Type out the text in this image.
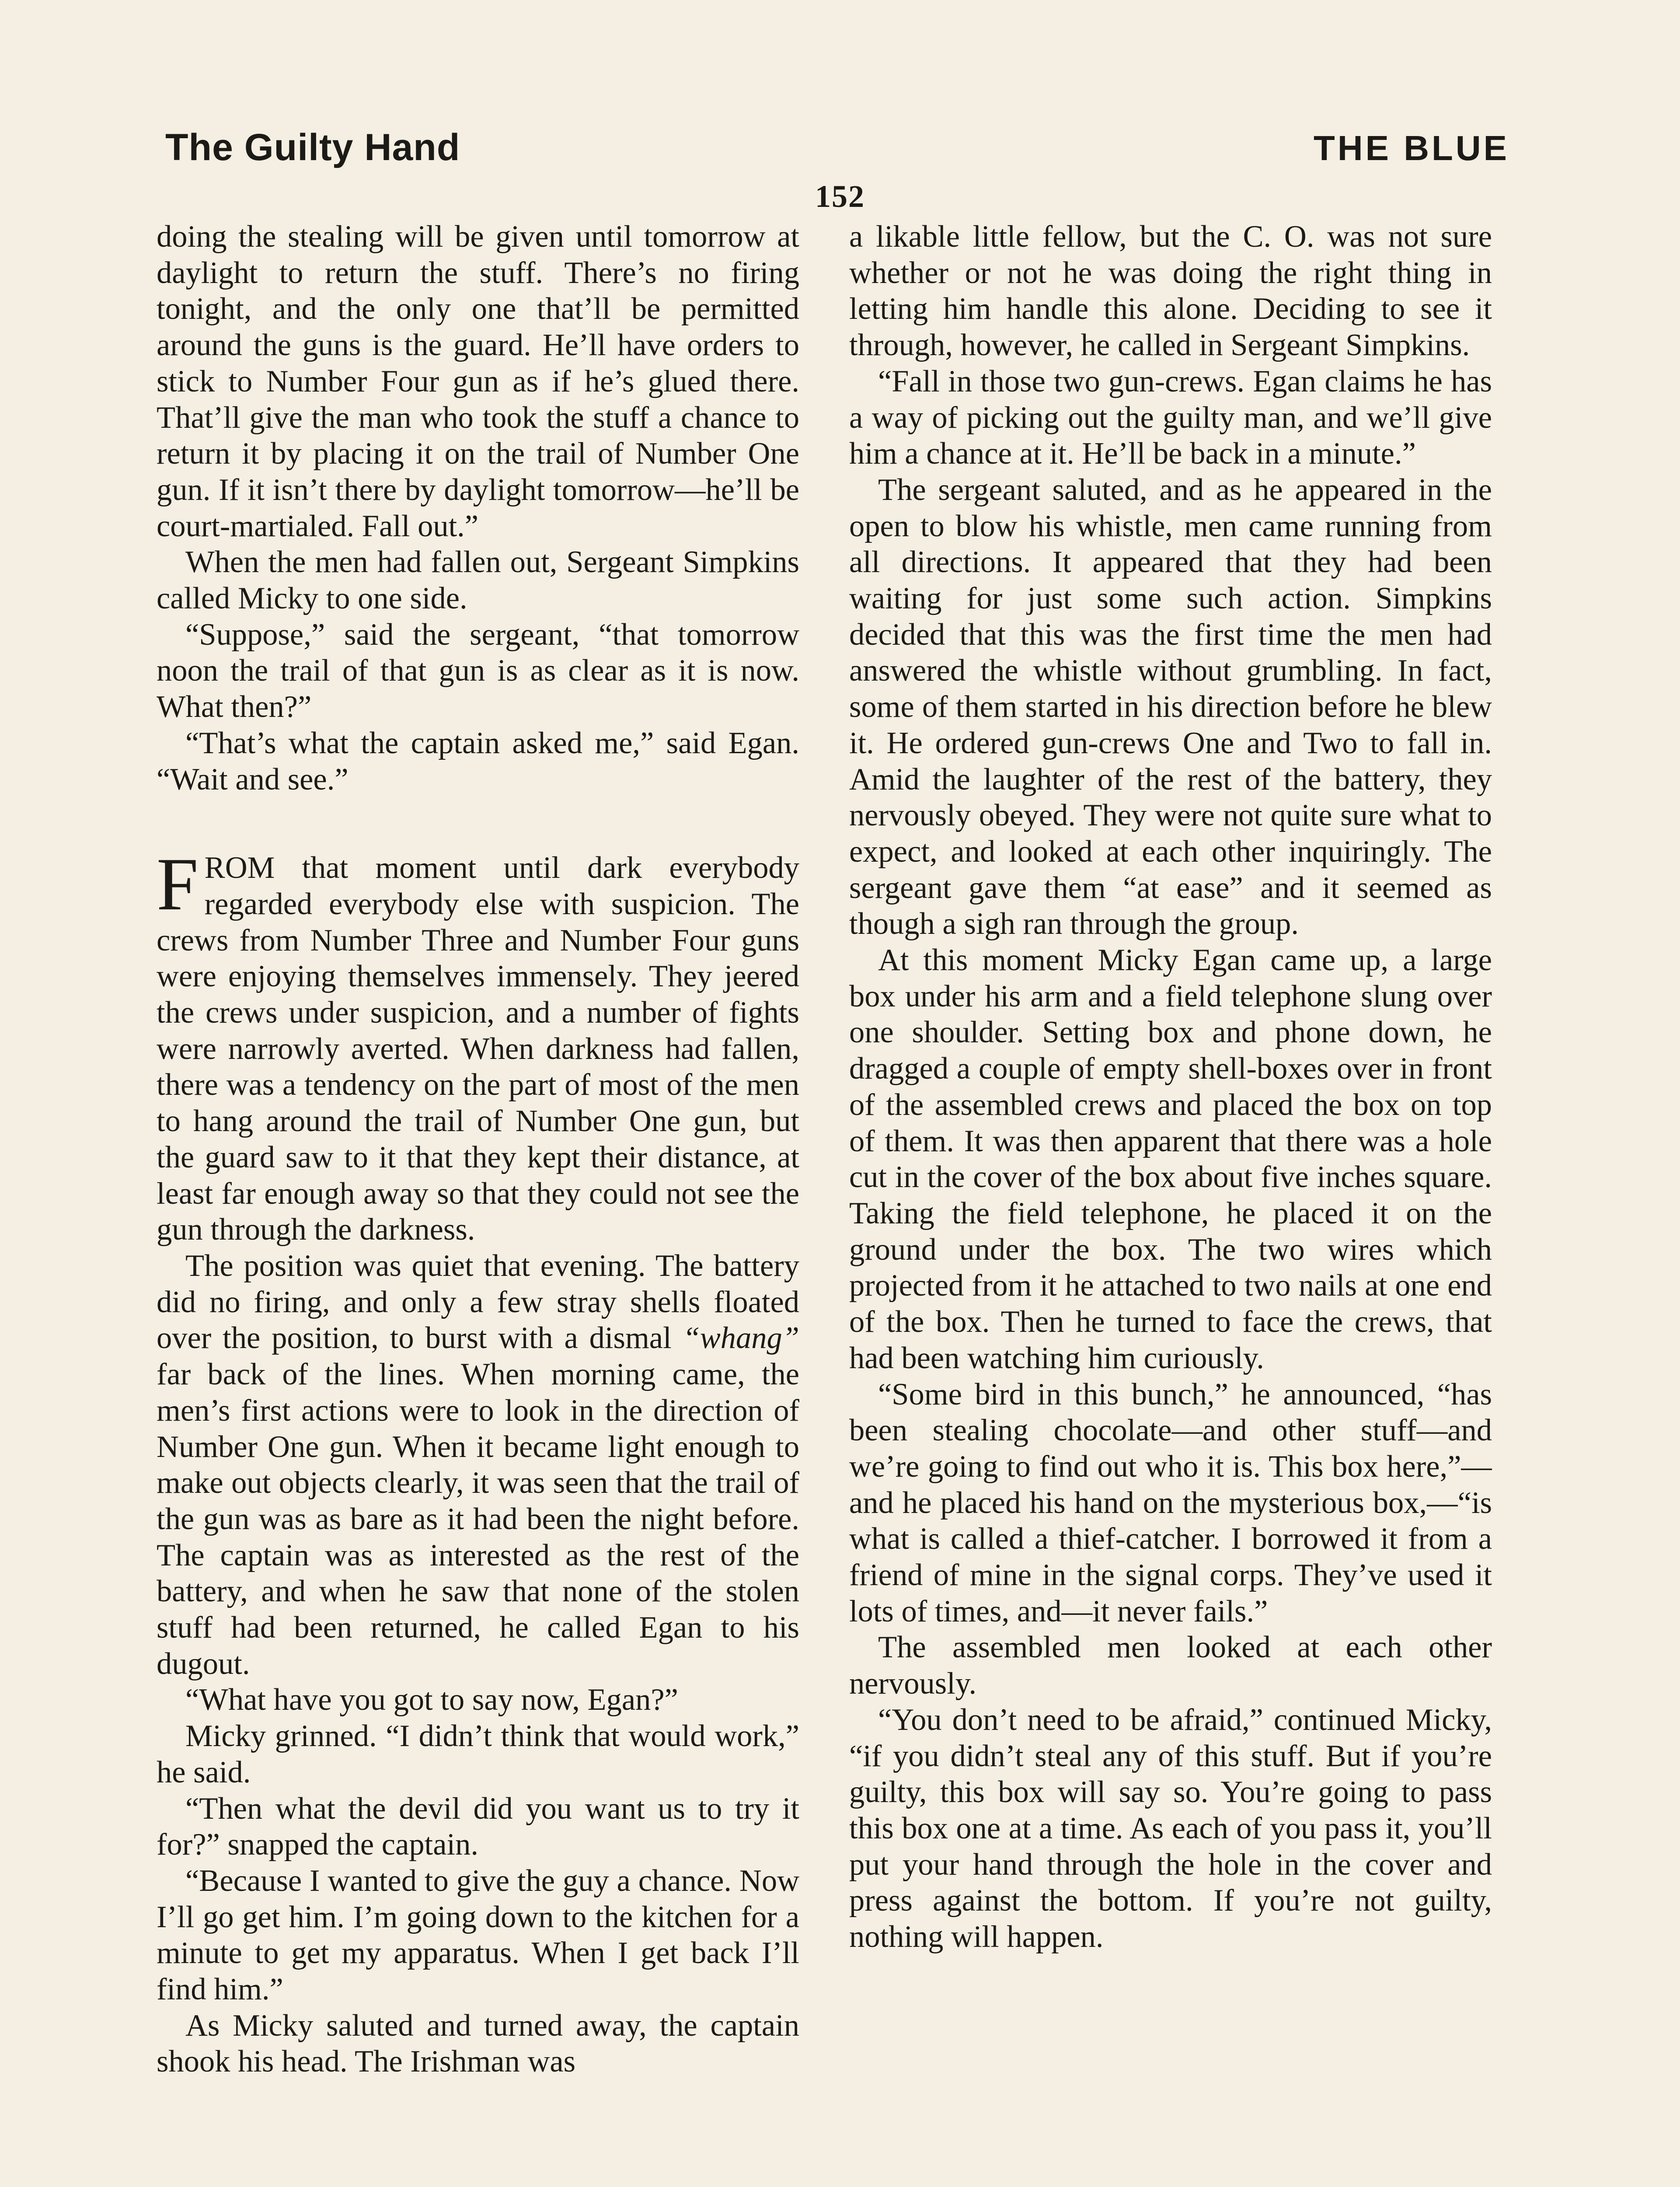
The Guilty Hand	THE BLUE
152

doing the stealing will be given until tomorrow at daylight to return the stuff. There’s no firing tonight, and the only one that’ll be permitted around the guns is the guard. He’ll have orders to stick to Number Four gun as if he’s glued there. That’ll give the man who took the stuff a chance to return it by placing it on the trail of Number One gun. If it isn’t there by daylight tomorrow—he’ll be court-martialed. Fall out.”

When the men had fallen out, Sergeant Simpkins called Micky to one side.

“Suppose,” said the sergeant, “that tomorrow noon the trail of that gun is as clear as it is now. What then?”

“That’s what the captain asked me,” said Egan. “Wait and see.”

FROM that moment until dark everybody regarded everybody else with suspicion. The crews from Number Three and Number Four guns were enjoying themselves immensely. They jeered the crews under suspicion, and a number of fights were narrowly averted. When darkness had fallen, there was a tendency on the part of most of the men to hang around the trail of Number One gun, but the guard saw to it that they kept their distance, at least far enough away so that they could not see the gun through the darkness.

The position was quiet that evening. The battery did no firing, and only a few stray shells floated over the position, to burst with a dismal “whang” far back of the lines. When morning came, the men’s first actions were to look in the direction of Number One gun. When it became light enough to make out objects clearly, it was seen that the trail of the gun was as bare as it had been the night before. The captain was as interested as the rest of the battery, and when he saw that none of the stolen stuff had been returned, he called Egan to his dugout.

“What have you got to say now, Egan?”

Micky grinned. “I didn’t think that would work,” he said.

“Then what the devil did you want us to try it for?” snapped the captain.

“Because I wanted to give the guy a chance. Now I’ll go get him. I’m going down to the kitchen for a minute to get my apparatus. When I get back I’ll find him.”

As Micky saluted and turned away, the captain shook his head. The Irishman was

a likable little fellow, but the C. O. was not sure whether or not he was doing the right thing in letting him handle this alone. Deciding to see it through, however, he called in Sergeant Simpkins.

“Fall in those two gun-crews. Egan claims he has a way of picking out the guilty man, and we’ll give him a chance at it. He’ll be back in a minute.”

The sergeant saluted, and as he appeared in the open to blow his whistle, men came running from all directions. It appeared that they had been waiting for just some such action. Simpkins decided that this was the first time the men had answered the whistle without grumbling. In fact, some of them started in his direction before he blew it. He ordered gun-crews One and Two to fall in. Amid the laughter of the rest of the battery, they nervously obeyed. They were not quite sure what to expect, and looked at each other inquiringly. The sergeant gave them “at ease” and it seemed as though a sigh ran through the group.

At this moment Micky Egan came up, a large box under his arm and a field telephone slung over one shoulder. Setting box and phone down, he dragged a couple of empty shell-boxes over in front of the assembled crews and placed the box on top of them. It was then apparent that there was a hole cut in the cover of the box about five inches square. Taking the field telephone, he placed it on the ground under the box. The two wires which projected from it he attached to two nails at one end of the box. Then he turned to face the crews, that had been watching him curiously.

“Some bird in this bunch,” he announced, “has been stealing chocolate—and other stuff—and we’re going to find out who it is. This box here,”—and he placed his hand on the mysterious box,—“is what is called a thief-catcher. I borrowed it from a friend of mine in the signal corps. They’ve used it lots of times, and—it never fails.”

The assembled men looked at each other nervously.

“You don’t need to be afraid,” continued Micky, “if you didn’t steal any of this stuff. But if you’re guilty, this box will say so. You’re going to pass this box one at a time. As each of you pass it, you’ll put your hand through the hole in the cover and press against the bottom. If you’re not guilty, nothing will happen.
